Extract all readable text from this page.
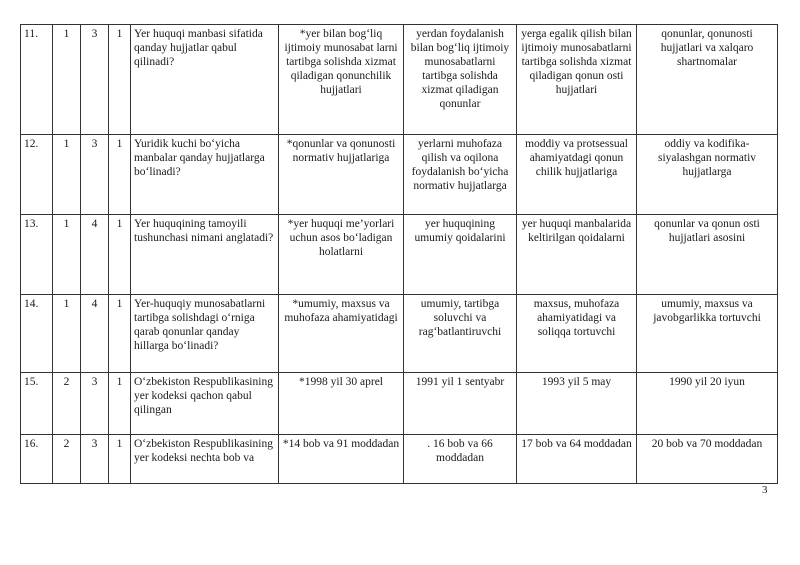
11.	1	3	1	Yer huquqi manbasi sifatida qanday hujjatlar qabul qilinadi?	*yer bilan bog‘liq ijtimoiy munosabat larni tartibga solishda xizmat qiladigan qonunchilik hujjatlari	yerdan foydalanish bilan bog‘liq ijtimoiy munosabatlarni tartibga solishda xizmat qiladigan qonunlar	yerga egalik qilish bilan ijtimoiy munosabatlarni tartibga solishda xizmat qiladigan qonun osti hujjatlari	qonunlar, qonunosti hujjatlari va xalqaro shartnomalar
12.	1	3	1	Yuridik kuchi bo‘yicha manbalar qanday hujjatlarga bo‘linadi?	*qonunlar va qonunosti normativ hujjatlariga	yerlarni muhofaza qilish va oqilona foydalanish bo‘yicha normativ hujjatlarga	moddiy va protsessual ahamiyatdagi qonun chilik hujjatlariga	oddiy va kodifika-siyalashgan normativ hujjatlarga
13.	1	4	1	Yer huquqining tamoyili tushunchasi nimani anglatadi?	*yer huquqi me’yorlari uchun asos bo‘ladigan holatlarni	yer huquqining umumiy qoidalarini	yer huquqi manbalarida keltirilgan qoidalarni	qonunlar va qonun osti hujjatlari asosini
14.	1	4	1	Yer-huquqiy munosabatlarni tartibga solishdagi o‘rniga qarab qonunlar qanday hillarga bo‘linadi?	*umumiy, maxsus va muhofaza ahamiyatidagi	umumiy, tartibga soluvchi va rag‘batlantiruvchi	maxsus, muhofaza ahamiyatidagi va soliqqa tortuvchi	umumiy, maxsus va javobgarlikka tortuvchi
15.	2	3	1	O‘zbekiston Respublikasining yer kodeksi qachon qabul qilingan	*1998 yil 30 aprel	1991 yil 1 sentyabr	1993 yil 5 may	1990 yil 20 iyun
16.	2	3	1	O‘zbekiston Respublikasining yer kodeksi nechta bob va	*14 bob va 91 moddadan	. 16 bob va 66 moddadan	17 bob va 64 moddadan	20 bob va 70 moddadan
3
